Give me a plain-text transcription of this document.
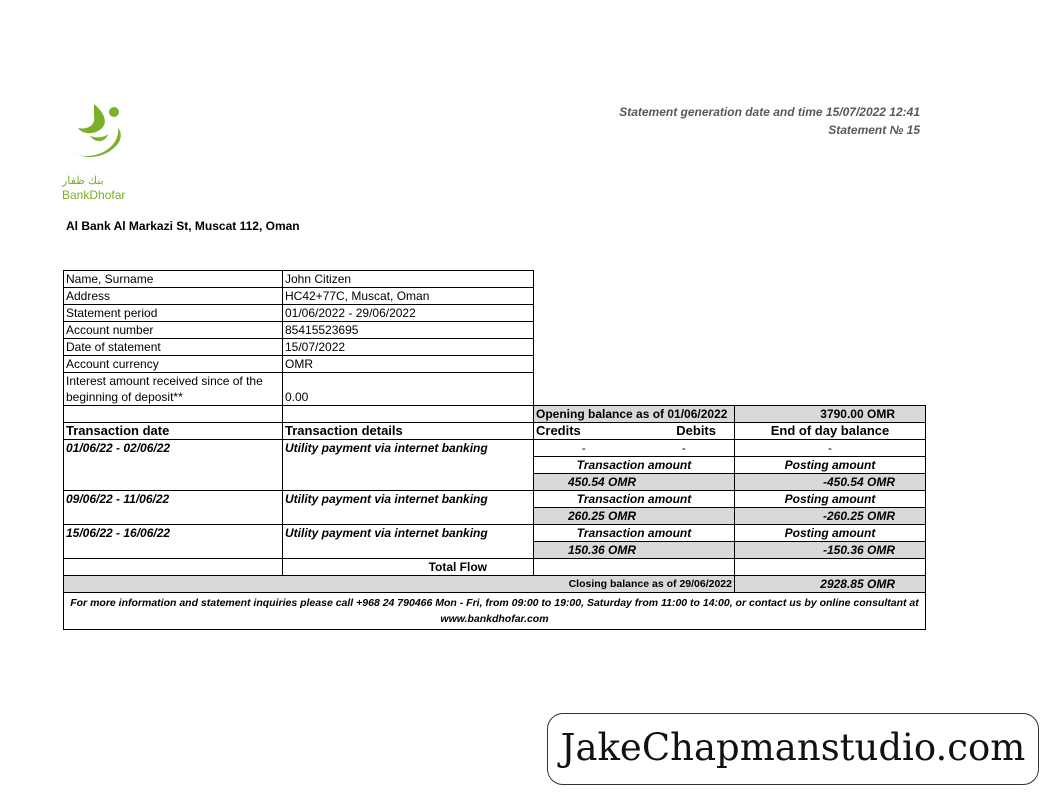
Statement generation date and time 15/07/2022 12:41
Statement № 15
بنك ظفار
BankDhofar
Al Bank Al Markazi St, Muscat 112, Oman
Name, Surname	John Citizen			
Address	HC42+77C, Muscat, Oman			
Statement period	01/06/2022 - 29/06/2022			
Account number	85415523695			
Date of statement	15/07/2022			
Account currency	OMR			
Interest amount received since of the beginning of deposit**	0.00			
		Opening balance as of 01/06/2022		3790.00 OMR
Transaction date	Transaction details	Credits	Debits	End of day balance
01/06/22 - 02/06/22	Utility payment via internet banking	-	-	-
		Transaction amount		Posting amount
		450.54 OMR		-450.54 OMR
09/06/22 - 11/06/22	Utility payment via internet banking	Transaction amount		Posting amount
		260.25 OMR		-260.25 OMR
15/06/22 - 16/06/22	Utility payment via internet banking	Transaction amount		Posting amount
		150.36 OMR		-150.36 OMR
	Total Flow			
Closing balance as of 29/06/2022				2928.85 OMR
For more information and statement inquiries please call +968 24 790466 Mon - Fri, from 09:00 to 19:00, Saturday from 11:00 to 14:00, or contact us by online consultant at www.bankdhofar.com				
JakeChapmanstudio.com
